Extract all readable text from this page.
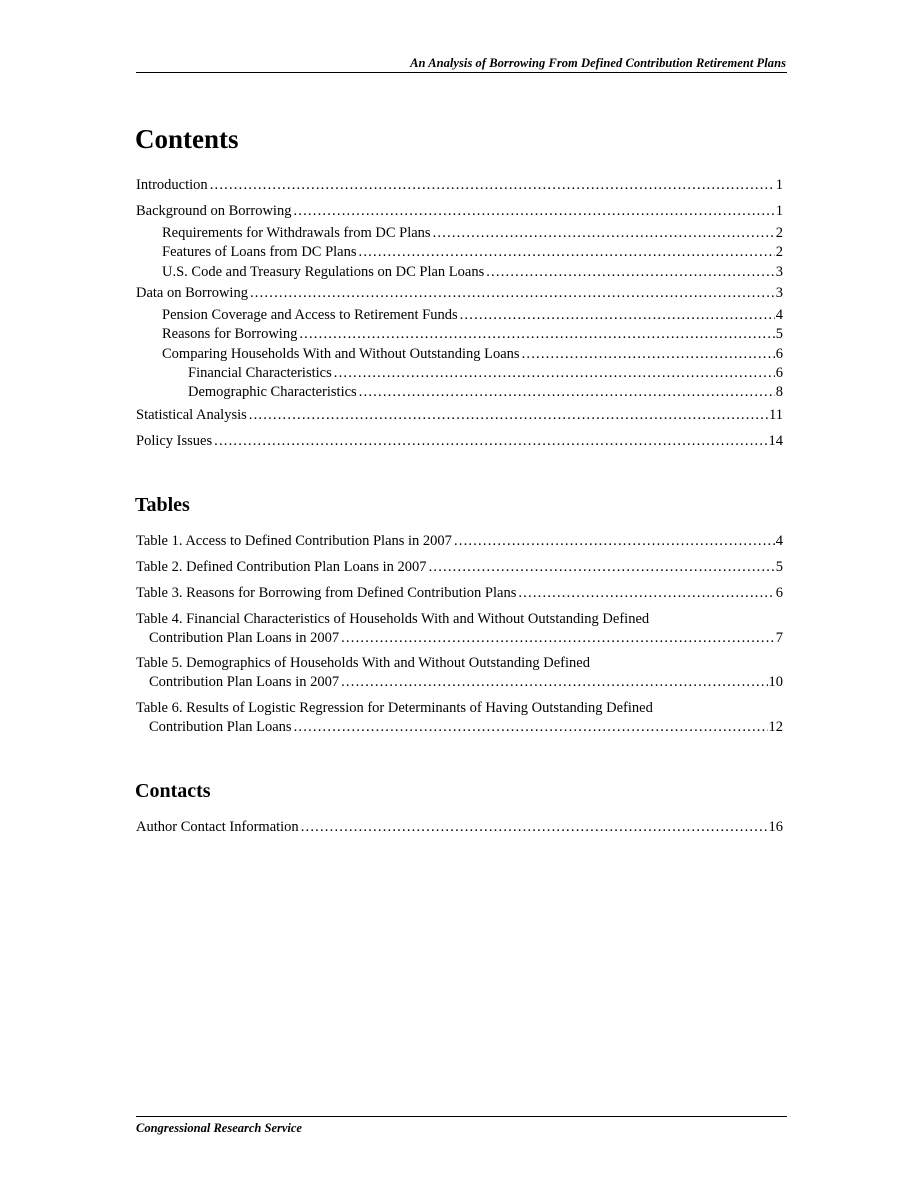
An Analysis of Borrowing From Defined Contribution Retirement Plans
Contents
Introduction .....	1
Background on Borrowing .....	1
Requirements for Withdrawals from DC Plans .....	2
Features of Loans from DC Plans .....	2
U.S. Code and Treasury Regulations on DC Plan Loans .....	3
Data on Borrowing .....	3
Pension Coverage and Access to Retirement Funds .....	4
Reasons for Borrowing .....	5
Comparing Households With and Without Outstanding Loans .....	6
Financial Characteristics .....	6
Demographic Characteristics .....	8
Statistical Analysis .....	11
Policy Issues .....	14
Tables
Table 1. Access to Defined Contribution Plans in 2007 .....	4
Table 2. Defined Contribution Plan Loans in 2007 .....	5
Table 3. Reasons for Borrowing from Defined Contribution Plans .....	6
Table 4. Financial Characteristics of Households With and Without Outstanding Defined
Contribution Plan Loans in 2007 .....	7
Table 5. Demographics of Households With and Without Outstanding Defined
Contribution Plan Loans in 2007 .....	10
Table 6. Results of Logistic Regression for Determinants of Having Outstanding Defined
Contribution Plan Loans .....	12
Contacts
Author Contact Information .....	16
Congressional Research Service
